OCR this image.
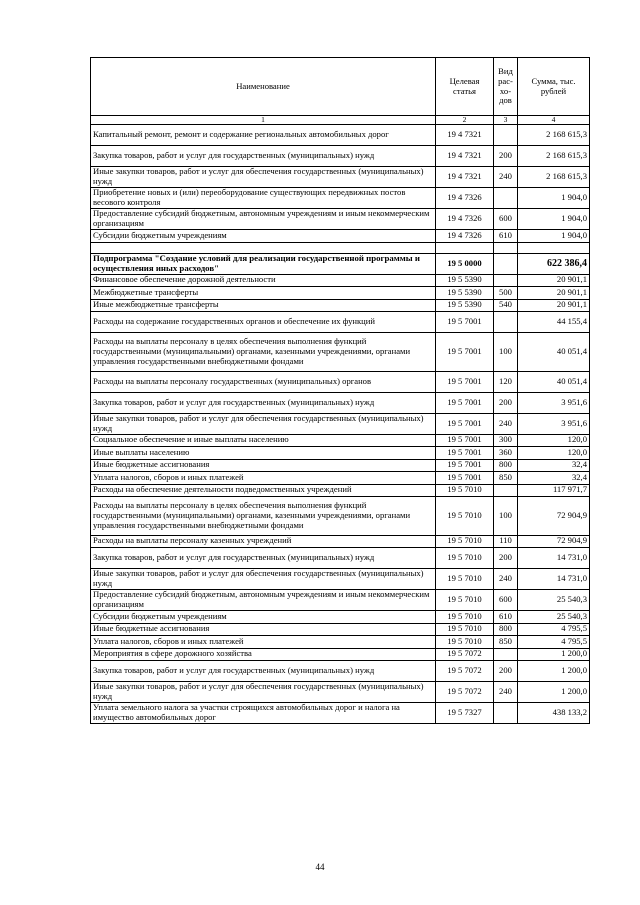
Наименование	Целевая статья	Вид рас- хо- дов	Сумма, тыс. рублей
1	2	3	4
Капитальный ремонт, ремонт и содержание региональных автомобильных дорог	19 4 7321		2 168 615,3
Закупка товаров, работ и услуг для государственных (муниципальных) нужд	19 4 7321	200	2 168 615,3
Иные закупки товаров, работ и услуг для обеспечения государственных (муниципальных) нужд	19 4 7321	240	2 168 615,3
Приобретение новых и (или) переоборудование существующих передвижных постов весового контроля	19 4 7326		1 904,0
Предоставление субсидий бюджетным, автономным учреждениям и иным некоммерческим организациям	19 4 7326	600	1 904,0
Субсидии бюджетным учреждениям	19 4 7326	610	1 904,0

Подпрограмма "Создание условий для реализации государственной программы и осуществления иных расходов"	19 5 0000		622 386,4
Финансовое обеспечение дорожной деятельности	19 5 5390		20 901,1
Межбюджетные трансферты	19 5 5390	500	20 901,1
Иные межбюджетные трансферты	19 5 5390	540	20 901,1
Расходы на содержание государственных органов и обеспечение их функций	19 5 7001		44 155,4
Расходы на выплаты персоналу в целях обеспечения выполнения функций государственными (муниципальными) органами, казенными учреждениями, органами управления государственными внебюджетными фондами	19 5 7001	100	40 051,4
Расходы на выплаты персоналу государственных (муниципальных) органов	19 5 7001	120	40 051,4
Закупка товаров, работ и услуг для государственных (муниципальных) нужд	19 5 7001	200	3 951,6
Иные закупки товаров, работ и услуг для обеспечения государственных (муниципальных) нужд	19 5 7001	240	3 951,6
Социальное обеспечение и иные выплаты населению	19 5 7001	300	120,0
Иные выплаты населению	19 5 7001	360	120,0
Иные бюджетные ассигнования	19 5 7001	800	32,4
Уплата налогов, сборов и иных платежей	19 5 7001	850	32,4
Расходы на обеспечение деятельности подведомственных учреждений	19 5 7010		117 971,7
Расходы на выплаты персоналу в целях обеспечения выполнения функций государственными (муниципальными) органами, казенными учреждениями, органами управления государственными внебюджетными фондами	19 5 7010	100	72 904,9
Расходы на выплаты персоналу казенных учреждений	19 5 7010	110	72 904,9
Закупка товаров, работ и услуг для государственных (муниципальных) нужд	19 5 7010	200	14 731,0
Иные закупки товаров, работ и услуг для обеспечения государственных (муниципальных) нужд	19 5 7010	240	14 731,0
Предоставление субсидий бюджетным, автономным учреждениям и иным некоммерческим организациям	19 5 7010	600	25 540,3
Субсидии бюджетным учреждениям	19 5 7010	610	25 540,3
Иные бюджетные ассигнования	19 5 7010	800	4 795,5
Уплата налогов, сборов и иных платежей	19 5 7010	850	4 795,5
Мероприятия в сфере дорожного хозяйства	19 5 7072		1 200,0
Закупка товаров, работ и услуг для государственных (муниципальных) нужд	19 5 7072	200	1 200,0
Иные закупки товаров, работ и услуг для обеспечения государственных (муниципальных) нужд	19 5 7072	240	1 200,0
Уплата земельного налога за участки строящихся автомобильных дорог и налога на имущество автомобильных дорог	19 5 7327		438 133,2
44
